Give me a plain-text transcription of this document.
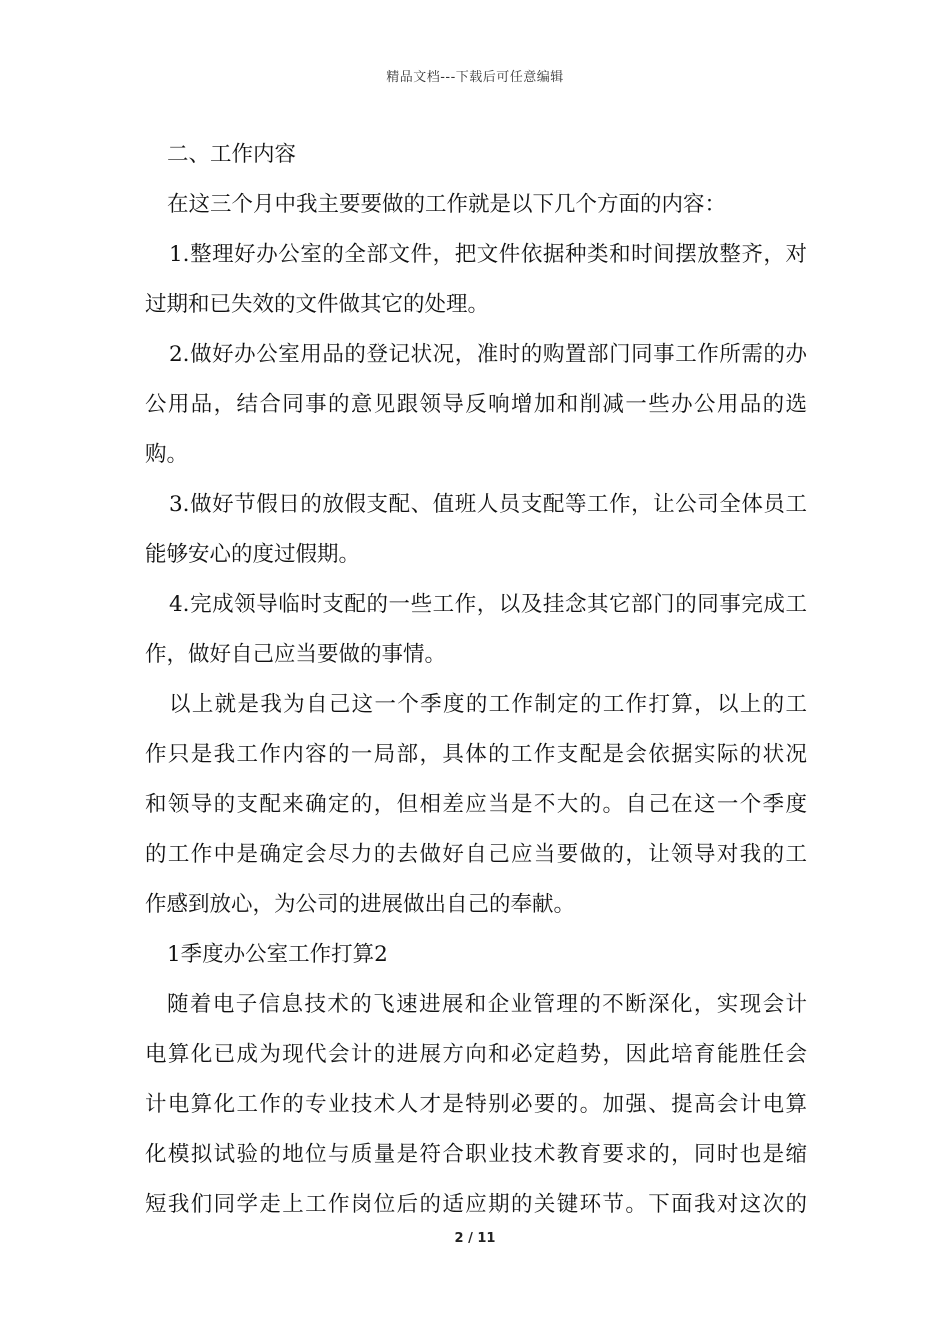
精品文档---下载后可任意编辑
二、工作内容
在这三个月中我主要要做的工作就是以下几个方面的内容：
1.整理好办公室的全部文件，把文件依据种类和时间摆放整齐，对
过期和已失效的文件做其它的处理。
2.做好办公室用品的登记状况，准时的购置部门同事工作所需的办
公用品，结合同事的意见跟领导反响增加和削减一些办公用品的选
购。
3.做好节假日的放假支配、值班人员支配等工作，让公司全体员工
能够安心的度过假期。
4.完成领导临时支配的一些工作，以及挂念其它部门的同事完成工
作，做好自己应当要做的事情。
以上就是我为自己这一个季度的工作制定的工作打算，以上的工
作只是我工作内容的一局部，具体的工作支配是会依据实际的状况
和领导的支配来确定的，但相差应当是不大的。自己在这一个季度
的工作中是确定会尽力的去做好自己应当要做的，让领导对我的工
作感到放心，为公司的进展做出自己的奉献。
1季度办公室工作打算2
随着电子信息技术的飞速进展和企业管理的不断深化，实现会计
电算化已成为现代会计的进展方向和必定趋势，因此培育能胜任会
计电算化工作的专业技术人才是特别必要的。加强、提高会计电算
化模拟试验的地位与质量是符合职业技术教育要求的，同时也是缩
短我们同学走上工作岗位后的适应期的关键环节。下面我对这次的
2 / 11
